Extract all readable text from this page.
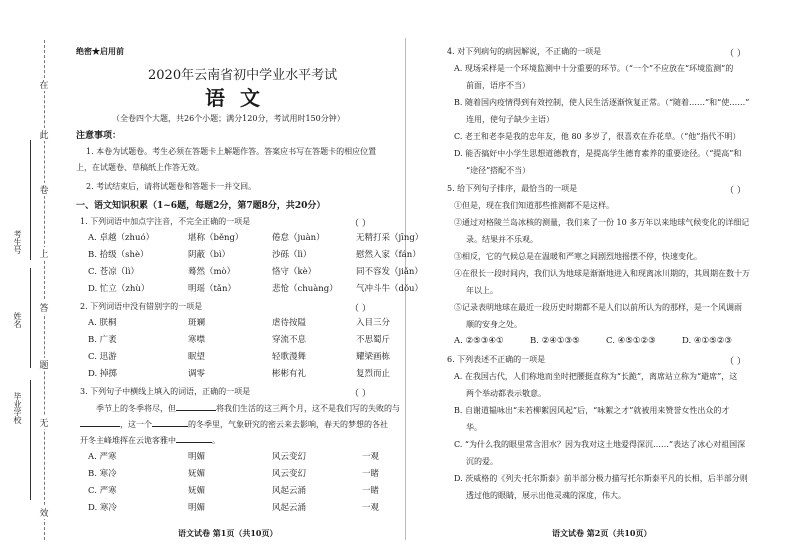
在
此
卷
上
答
题
无
效
考生号
姓名
毕业学校
绝密★启用前
2020年云南省初中学业水平考试
语 文
（全卷四个大题，共26个小题；满分120分，考试用时150分钟）
注意事项：
1. 本卷为试题卷。考生必须在答题卡上解题作答。答案应书写在答题卡的相应位置
上，在试题卷、草稿纸上作答无效。
2. 考试结束后，请将试题卷和答题卡一并交回。
一、语文知识积累（1~6题，每题2分，第7题8分，共20分）
1. 下列词语中加点字注音，不完全正确的一项是	（ ）
A. 卓越（zhuó）	堪称（běng）	倦怠（juàn）	无精打采（jīng）
B. 拾级（shè）	阴蔽（bì）	沙砾（lì）	慰然入家（fán）
C. 苍凉（lì）	蓦然（mò）	恪守（kè）	同不容发（jiǎn）
D. 忙立（zhù）	明瑶（tǎn）	悲怆（chuàng）	气冲斗牛（dǒu）
2. 下列词语中没有错别字的一项是	（ ）
A. 朕桐	斑斓	虐待按隘	入目三分
B. 广袤	寒噤	穿流不息	不思蜀斤
C. 迅游	眠望	轻歌漫舞	耀梁画栋
D. 掉掷	调零	彬彬有礼	复烈而止
3. 下列句子中横线上填入的词语，正确的一项是	（ ）
季节上的冬季将尽，但	将我们生活的这三两个月，这不是我们写的失败的与
，这一个	的冬季里，气象研究的密云来去影响，春天的梦想的各社
开冬主峰堆挥在云诡客雅中	。
A. 严寒	明媚	风云变幻	一观
B. 寒冷	妩媚	风云变幻	一睹
C. 严寒	妩媚	风起云涌	一睹
D. 寒冷	明媚	风起云涌	一观
语文试卷 第1页（共10页）
4. 对下列病句的病因解说，不正确的一项是	（ ）
A. 现场采样是一个环境监测中十分重要的环节。（“一个”不应放在“环境监测”的
前面，语序不当）
B. 随着国内疫情得到有效控制，使人民生活逐渐恢复正常。（“随着……”和“使……”
连用，使句子缺少主语）
C. 老王和老李是我的忠年友，他 80 多岁了，很喜欢在乔花草。（“他”指代不明）
D. 能否搞好中小学生思想道德教育，是提高学生德育素养的重要途径。（“提高”和
“途径”搭配不当）
5. 给下列句子排序，最恰当的一项是	（ ）
①但是，现在我们知道那些推测都不是这样。
②通过对格陵兰岛冰核的测量，我们来了一份 10 多万年以来地球气候变化的详细记
录。结果并不乐观。
③相反，它的气候总是在温暖和严寒之间剧烈地摇摆不停，快速变化。
④在很长一段时间内，我们认为地球是渐渐地进入和现离冰川期的，其周期在数十万
年以上。
⑤记录表明地球在最近一段历史时期都不是人们以前所认为的那样，是一个风调雨
顺的安身之处。
A. ②⑤③④①	B. ②④①③⑤	C. ④⑤①②③	D. ④①⑤②③
6. 下列表述不正确的一项是	（ ）
A. 在我国古代，人们称地而坐时把腰挺直称为“长跪”，离席站立称为“避席”，这
两个举动都表示敬意。
B. 自谢道韫咏出“未若柳絮因风起”后，“咏絮之才”就被用来赞誉女性出众的才
华。
C. “为什么我的眼里常含泪水？因为我对这土地爱得深沉……”表达了冰心对祖国深
沉的爱。
D. 茨威格的《列夫·托尔斯泰》前半部分极力描写托尔斯泰平凡的长相，后半部分则
透过他的眼睛，展示出他灵魂的深度，伟大。
语文试卷 第2页（共10页）
